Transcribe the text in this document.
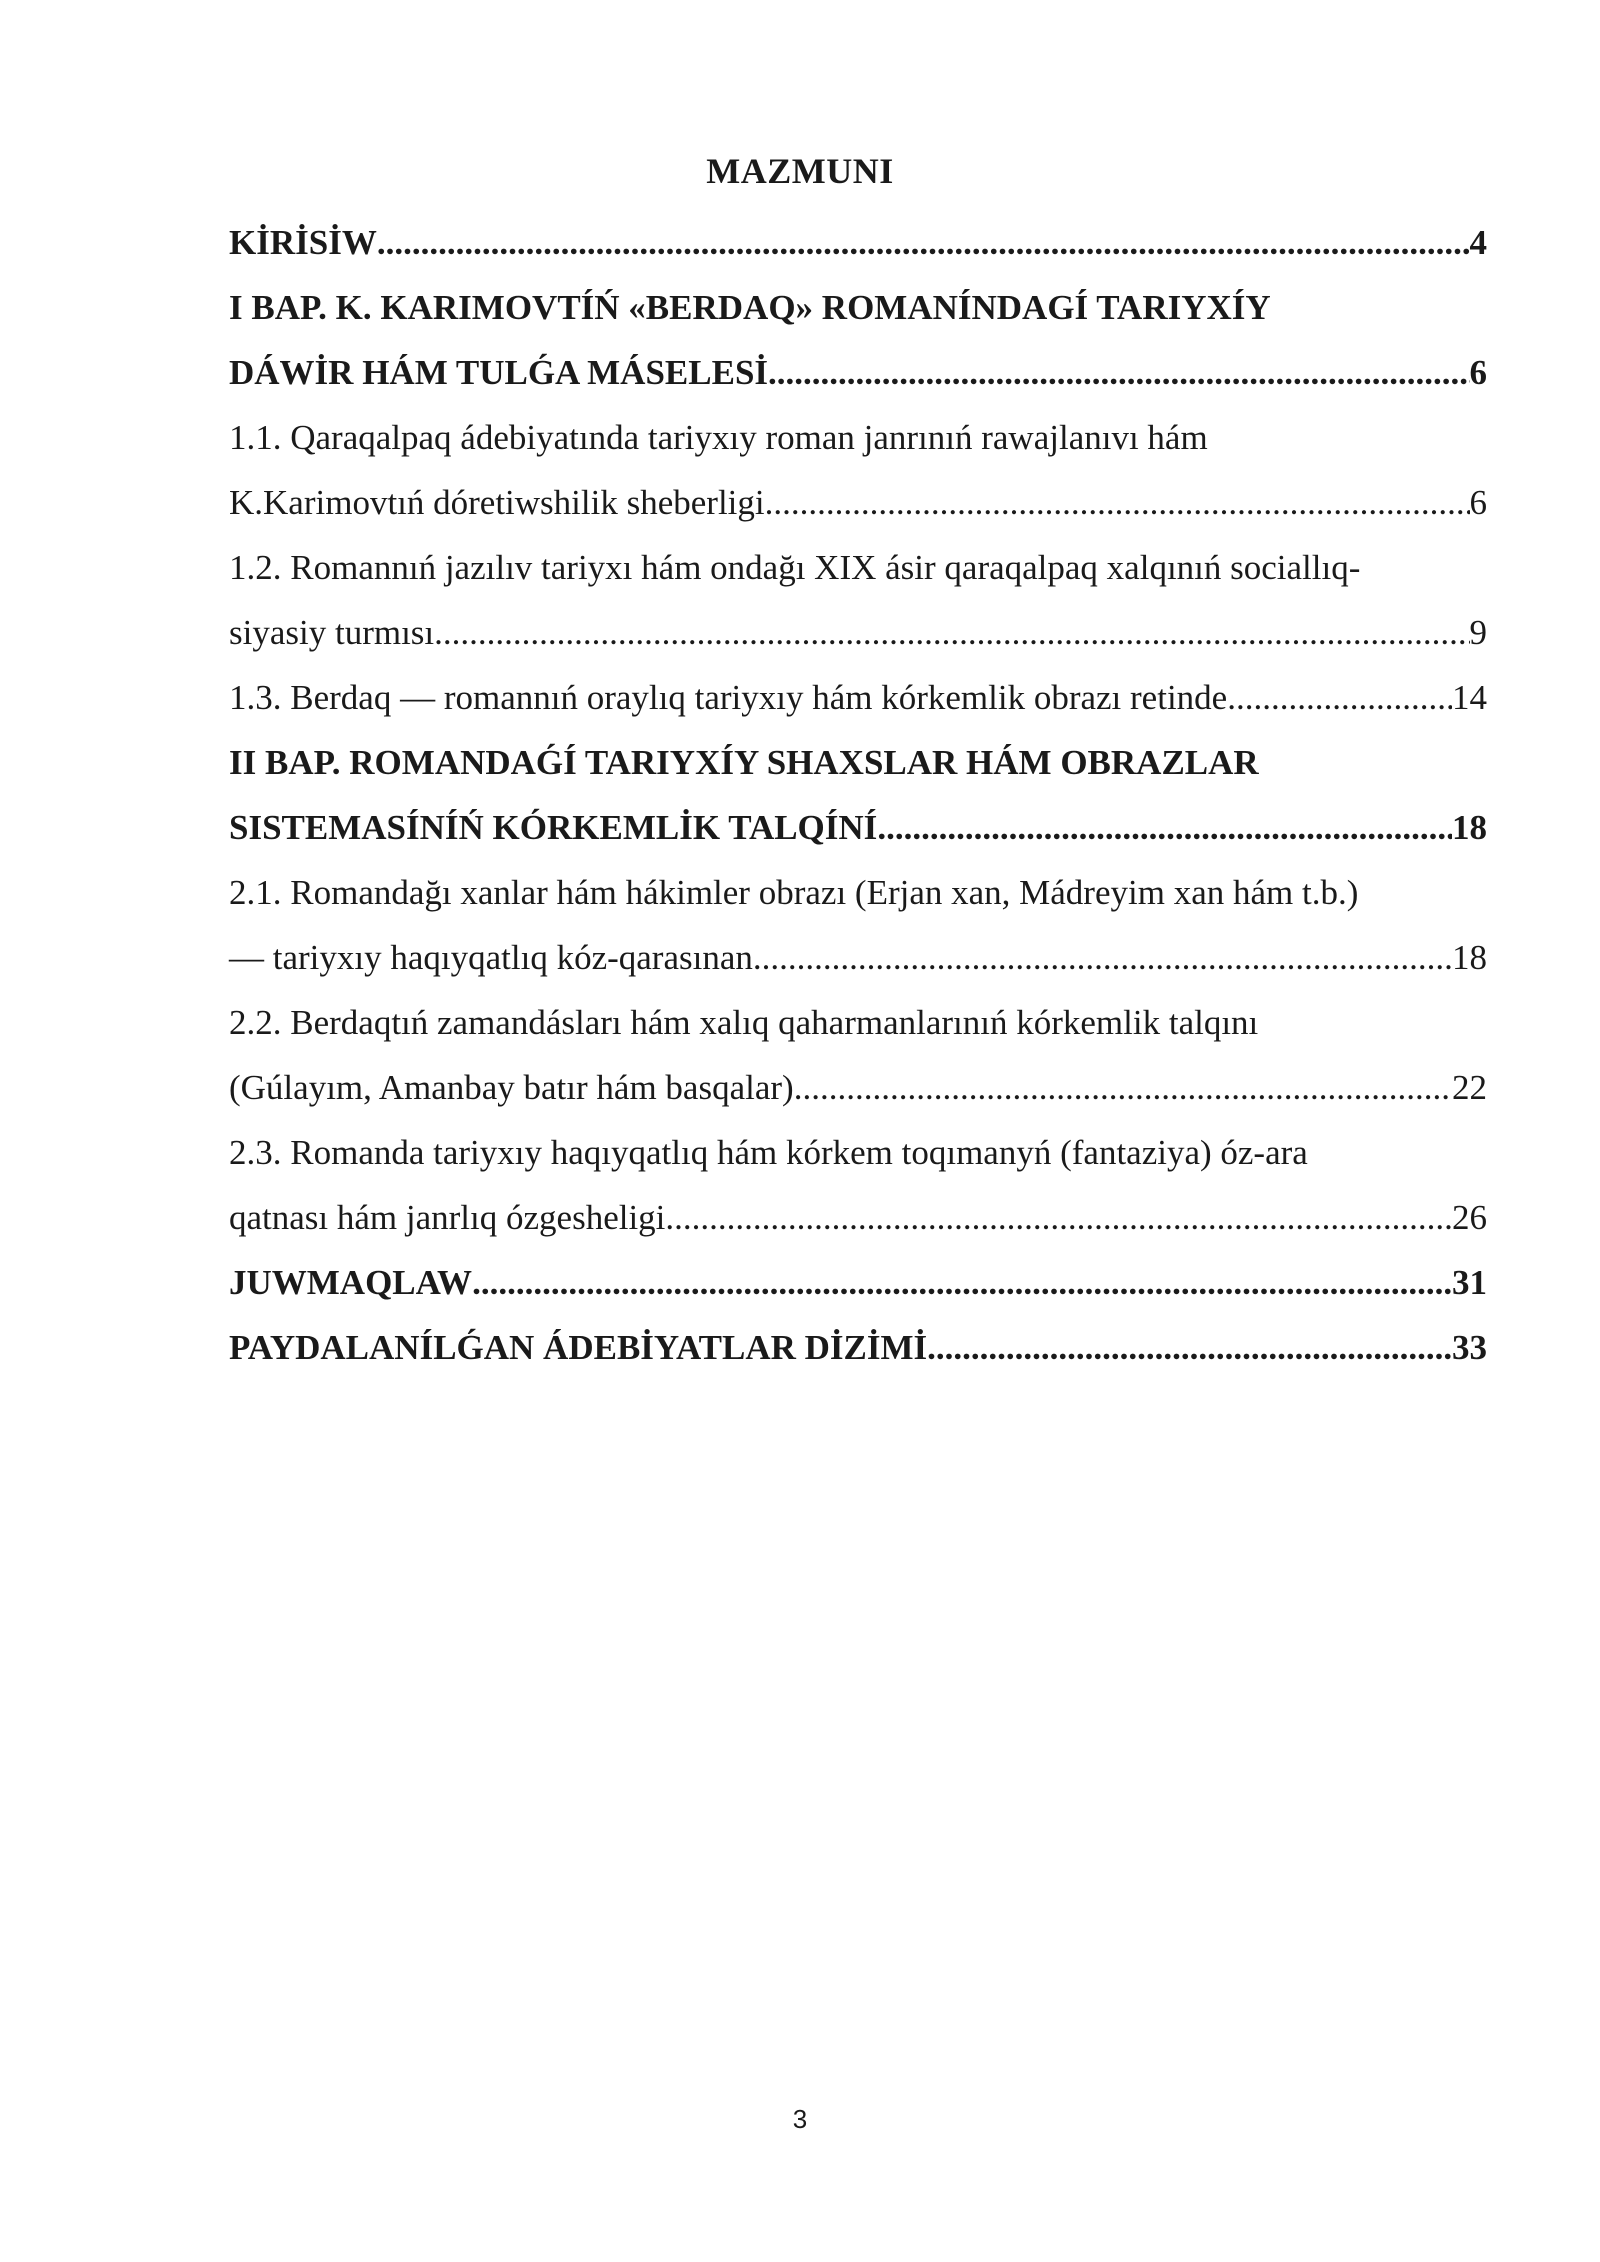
MAZMUNI
KİRİSİW .....	4
I BAP. K. KARIMOVTÍŃ «BERDAQ» ROMANÍNDAGÍ TARIYXÍY
DÁWİR HÁM TULǴA MÁSELESİ .....	6
1.1. Qaraqalpaq ádebiyatında tariyxıy roman janrınıń rawajlanıvı hám
K.Karimovtıń dóretiwshilik sheberligi .....	6
1.2. Romannıń jazılıv tariyxı hám ondağı XIX ásir qaraqalpaq xalqınıń sociallıq-
siyasiy turmısı .....	9
1.3. Berdaq — romannıń oraylıq tariyxıy hám kórkemlik obrazı retinde .....	14
II BAP. ROMANDAǴÍ TARIYXÍY SHAXSLAR HÁM OBRAZLAR
SISTEMASÍNÍŃ KÓRKEMLİK TALQÍNÍ .....	18
2.1. Romandağı xanlar hám hákimler obrazı (Erjan xan, Mádreyim xan hám t.b.)
— tariyxıy haqıyqatlıq kóz-qarasınan .....	18
2.2. Berdaqtıń zamandásları hám xalıq qaharmanlarınıń kórkemlik talqını
(Gúlayım, Amanbay batır hám basqalar) .....	22
2.3. Romanda tariyxıy haqıyqatlıq hám kórkem toqımanyń (fantaziya) óz-ara
qatnası hám janrlıq ózgesheligi .....	26
JUWMAQLAW .....	31
PAYDALANÍLǴAN ÁDEBİYATLAR DİZİMİ .....	33
3
